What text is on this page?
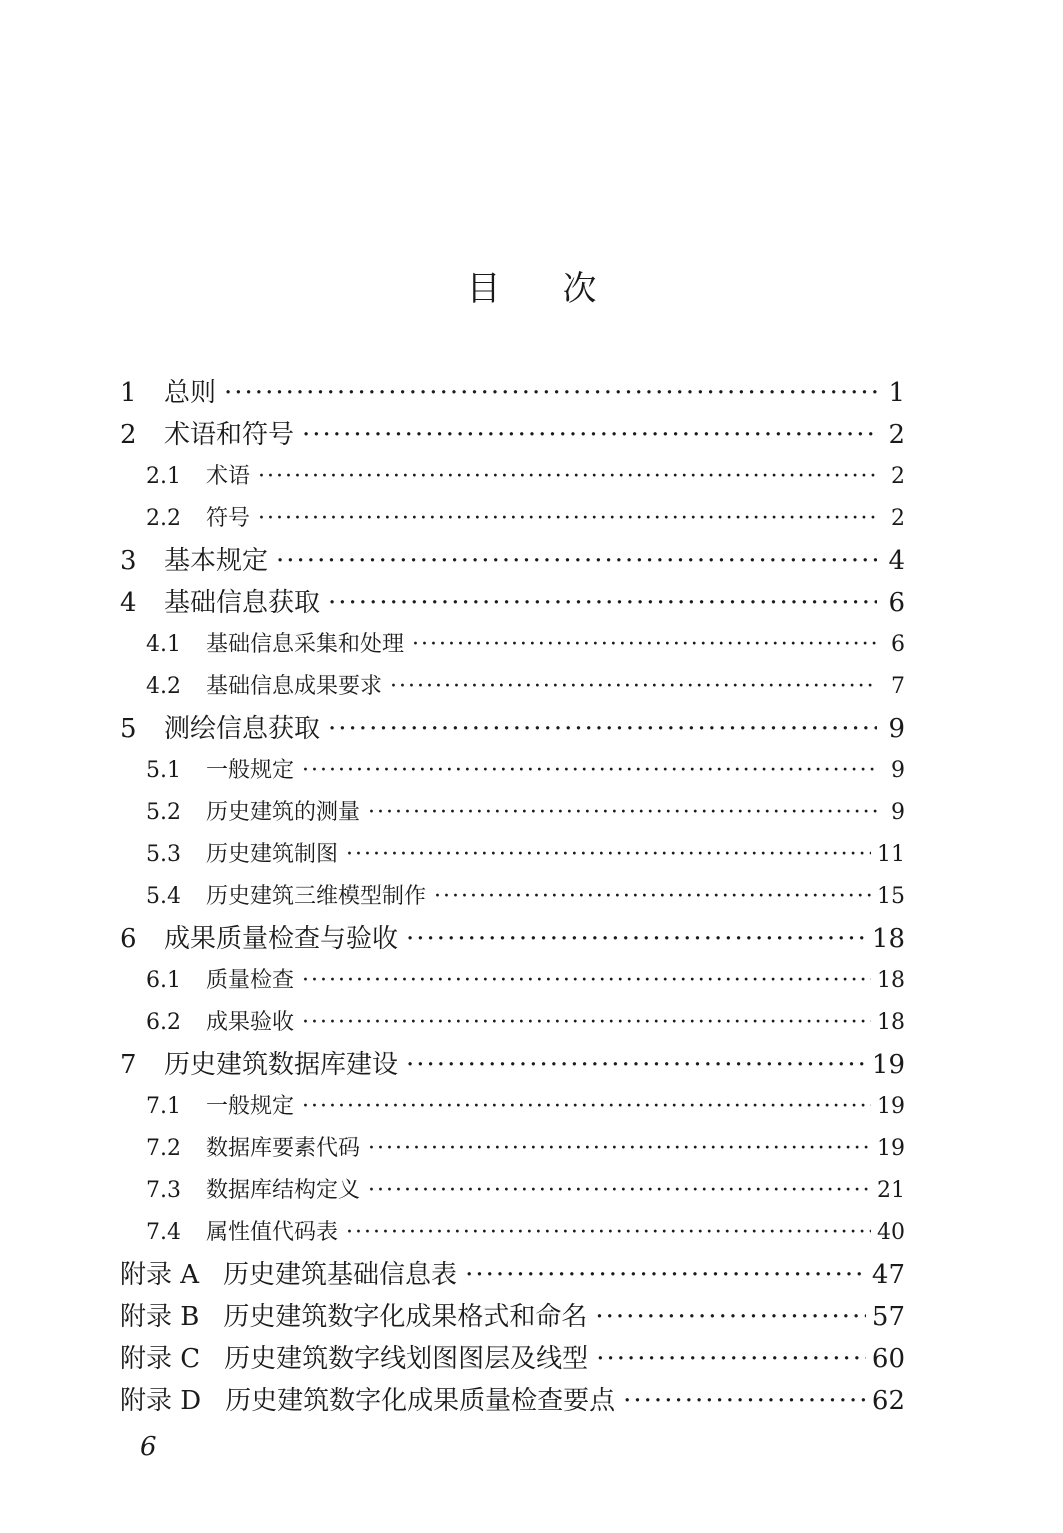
目 次
1	总则 ·····	1
2	术语和符号 ·····	2
2.1	术语 ·····	2
2.2	符号 ·····	2
3	基本规定 ·····	4
4	基础信息获取 ·····	6
4.1	基础信息采集和处理 ·····	6
4.2	基础信息成果要求 ·····	7
5	测绘信息获取 ·····	9
5.1	一般规定 ·····	9
5.2	历史建筑的测量 ·····	9
5.3	历史建筑制图 ·····	11
5.4	历史建筑三维模型制作 ·····	15
6	成果质量检查与验收 ·····	18
6.1	质量检查 ·····	18
6.2	成果验收 ·····	18
7	历史建筑数据库建设 ·····	19
7.1	一般规定 ·····	19
7.2	数据库要素代码 ·····	19
7.3	数据库结构定义 ·····	21
7.4	属性值代码表 ·····	40
附录 A 历史建筑基础信息表 ·····	47
附录 B 历史建筑数字化成果格式和命名 ·····	57
附录 C 历史建筑数字线划图图层及线型 ·····	60
附录 D 历史建筑数字化成果质量检查要点 ·····	62
6
